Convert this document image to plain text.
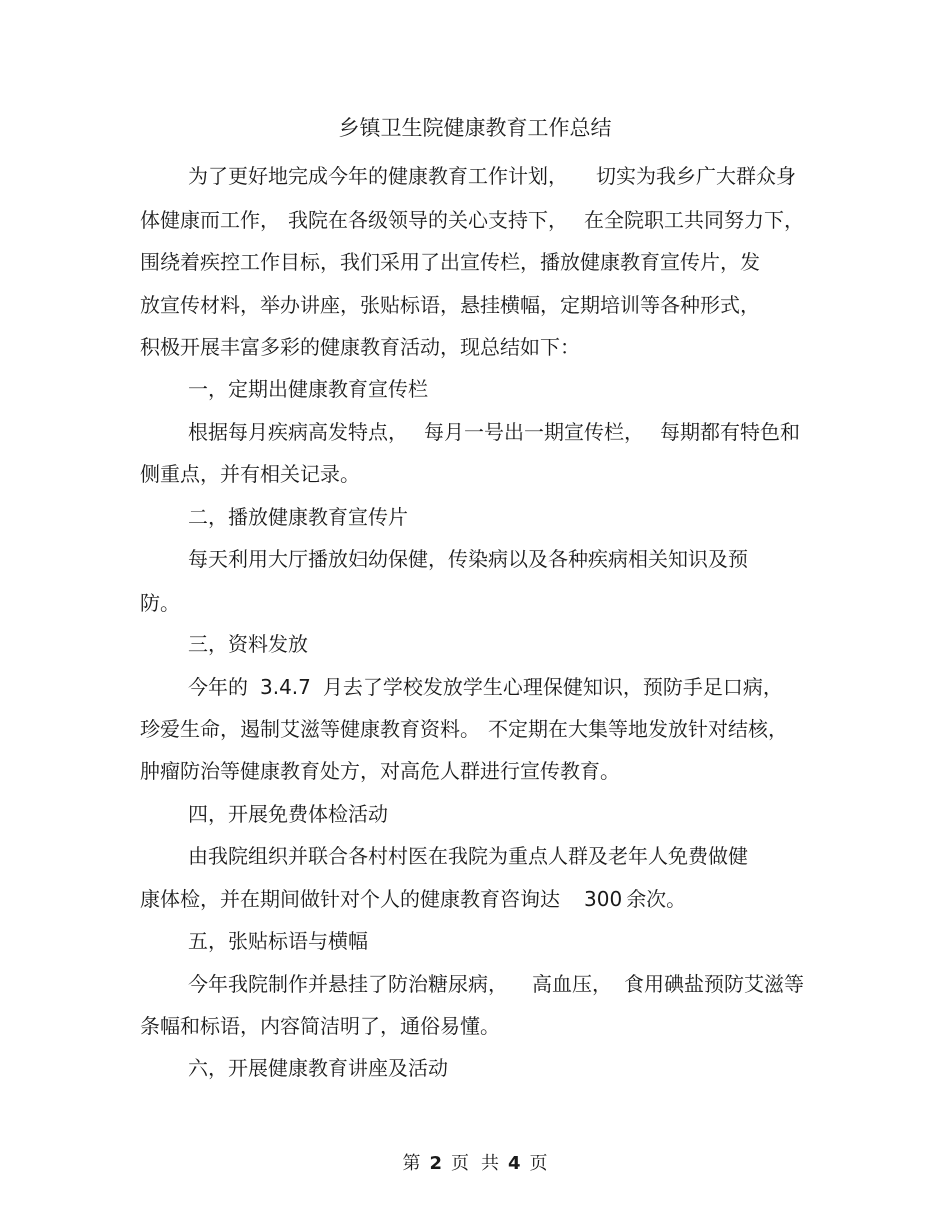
乡镇卫生院健康教育工作总结
为了更好地完成今年的健康教育工作计划， 切实为我乡广大群众身
体健康而工作， 我院在各级领导的关心支持下， 在全院职工共同努力下，
围绕着疾控工作目标，我们采用了出宣传栏，播放健康教育宣传片，发
放宣传材料，举办讲座，张贴标语，悬挂横幅，定期培训等各种形式，
积极开展丰富多彩的健康教育活动，现总结如下：
一，定期出健康教育宣传栏
根据每月疾病高发特点， 每月一号出一期宣传栏， 每期都有特色和
侧重点，并有相关记录。
二，播放健康教育宣传片
每天利用大厅播放妇幼保健，传染病以及各种疾病相关知识及预
防。
三，资料发放
今年的 3.4.7 月去了学校发放学生心理保健知识，预防手足口病，
珍爱生命，遏制艾滋等健康教育资料。 不定期在大集等地发放针对结核，
肿瘤防治等健康教育处方，对高危人群进行宣传教育。
四，开展免费体检活动
由我院组织并联合各村村医在我院为重点人群及老年人免费做健
康体检，并在期间做针对个人的健康教育咨询达 300 余次。
五，张贴标语与横幅
今年我院制作并悬挂了防治糖尿病， 高血压， 食用碘盐预防艾滋等
条幅和标语，内容简洁明了，通俗易懂。
六，开展健康教育讲座及活动
第 2 页 共 4 页
